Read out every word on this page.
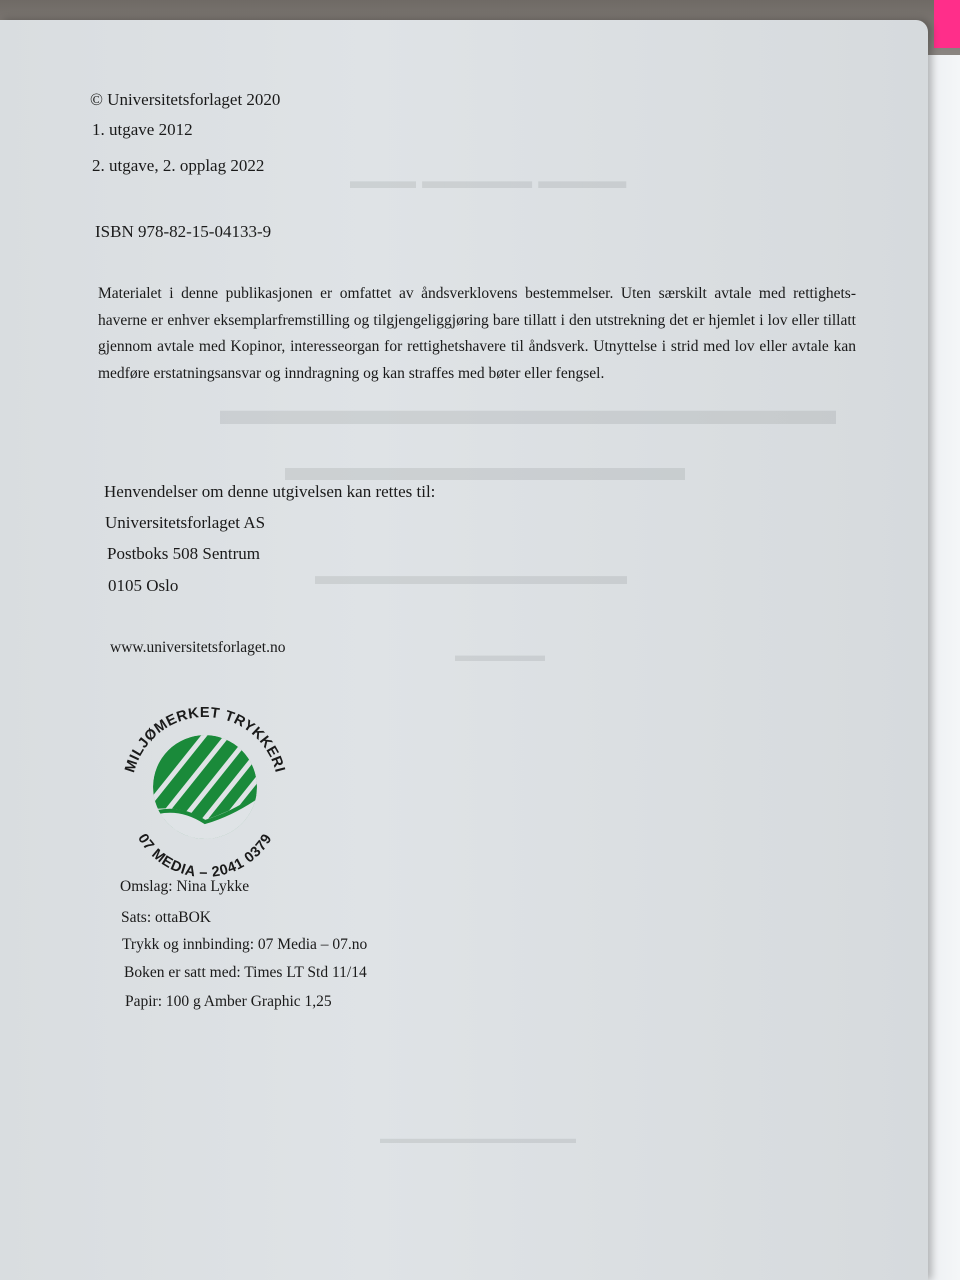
▬▬▬▬ ▬▬▬▬▬ ▬▬▬
▬▬▬▬▬▬▬▬▬▬▬▬▬▬
▬▬▬▬▬▬▬▬▬▬
▬▬▬▬▬▬▬▬▬▬▬▬
▬▬▬▬▬
© Universitetsforlaget 2020
1. utgave 2012
2. utgave, 2. opplag 2022
ISBN 978-82-15-04133-9
Materialet i denne publikasjonen er omfattet av åndsverklovens bestemmelser. Uten særskilt avtale med rettighets-haverne er enhver eksemplarfremstilling og tilgjengeliggjøring bare tillatt i den utstrekning det er hjemlet i lov eller tillatt gjennom avtale med Kopinor, interesseorgan for rettighetshavere til åndsverk. Utnyttelse i strid med lov eller avtale kan medføre erstatningsansvar og inndragning og kan straffes med bøter eller fengsel.
Henvendelser om denne utgivelsen kan rettes til:
Universitetsforlaget AS
Postboks 508 Sentrum
0105 Oslo
www.universitetsforlaget.no
MILJØMERKET TRYKKERI
07 MEDIA – 2041 0379
Omslag: Nina Lykke
Sats: ottaBOK
Trykk og innbinding: 07 Media – 07.no
Boken er satt med: Times LT Std 11/14
Papir: 100 g Amber Graphic 1,25
▬▬▬▬▬▬▬▬▬▬▬▬▬▬
